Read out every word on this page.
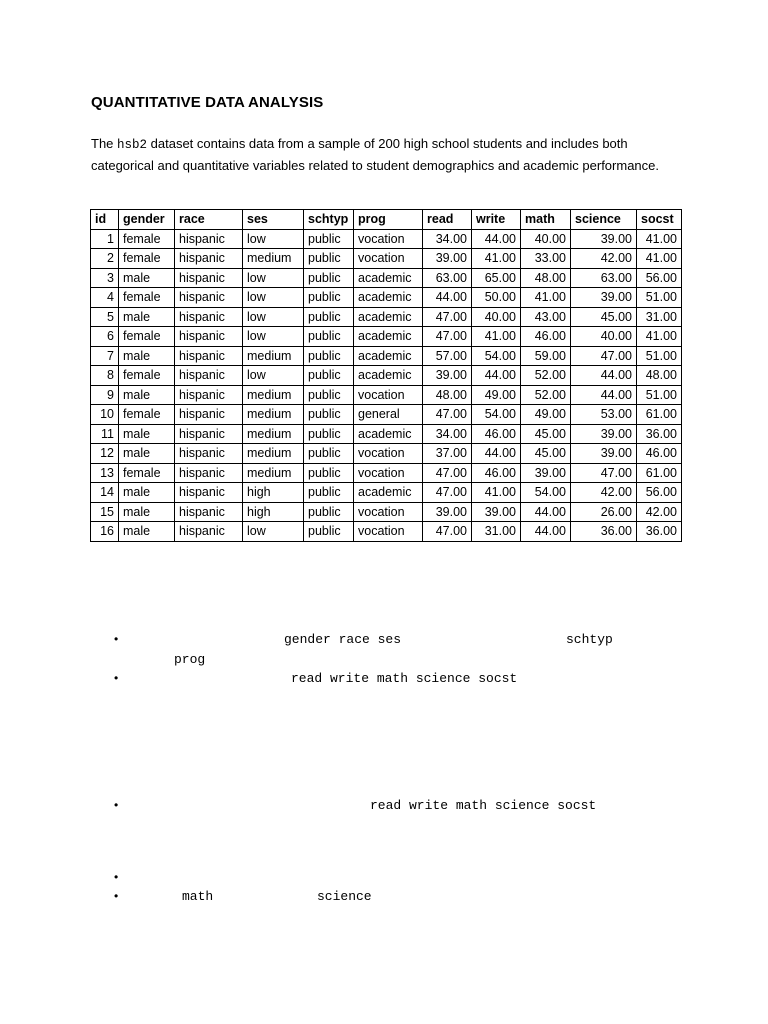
QUANTITATIVE DATA ANALYSIS
The hsb2 dataset contains data from a sample of 200 high school students and includes both categorical and quantitative variables related to student demographics and academic performance.
id	gender	race	ses	schtyp	prog	read	write	math	science	socst
1	female	hispanic	low	public	vocation	34.00	44.00	40.00	39.00	41.00
2	female	hispanic	medium	public	vocation	39.00	41.00	33.00	42.00	41.00
3	male	hispanic	low	public	academic	63.00	65.00	48.00	63.00	56.00
4	female	hispanic	low	public	academic	44.00	50.00	41.00	39.00	51.00
5	male	hispanic	low	public	academic	47.00	40.00	43.00	45.00	31.00
6	female	hispanic	low	public	academic	47.00	41.00	46.00	40.00	41.00
7	male	hispanic	medium	public	academic	57.00	54.00	59.00	47.00	51.00
8	female	hispanic	low	public	academic	39.00	44.00	52.00	44.00	48.00
9	male	hispanic	medium	public	vocation	48.00	49.00	52.00	44.00	51.00
10	female	hispanic	medium	public	general	47.00	54.00	49.00	53.00	61.00
11	male	hispanic	medium	public	academic	34.00	46.00	45.00	39.00	36.00
12	male	hispanic	medium	public	vocation	37.00	44.00	45.00	39.00	46.00
13	female	hispanic	medium	public	vocation	47.00	46.00	39.00	47.00	61.00
14	male	hispanic	high	public	academic	47.00	41.00	54.00	42.00	56.00
15	male	hispanic	high	public	vocation	39.00	39.00	44.00	26.00	42.00
16	male	hispanic	low	public	vocation	47.00	31.00	44.00	36.00	36.00
•	gender race ses	schtyp
prog
•	read write math science socst
•	read write math science socst
•
•	math	science
